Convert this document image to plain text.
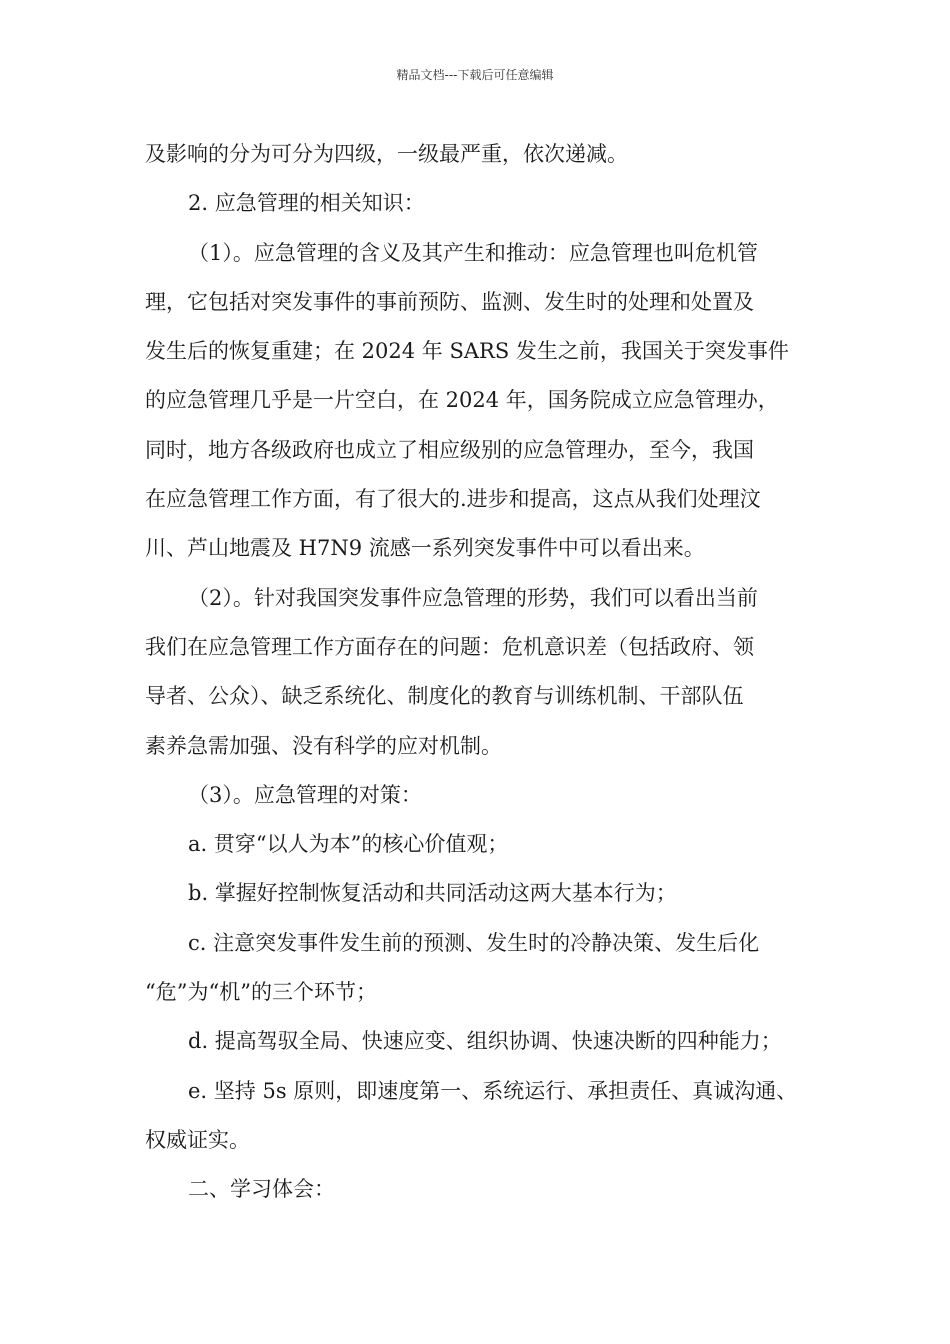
精品文档---下载后可任意编辑

及影响的分为可分为四级，一级最严重，依次递减。

2. 应急管理的相关知识：

（1）。应急管理的含义及其产生和推动：应急管理也叫危机管

理，它包括对突发事件的事前预防、监测、发生时的处理和处置及

发生后的恢复重建；在 2024 年 SARS 发生之前，我国关于突发事件

的应急管理几乎是一片空白，在 2024 年，国务院成立应急管理办，

同时，地方各级政府也成立了相应级别的应急管理办，至今，我国

在应急管理工作方面，有了很大的.进步和提高，这点从我们处理汶

川、芦山地震及 H7N9 流感一系列突发事件中可以看出来。

（2）。针对我国突发事件应急管理的形势，我们可以看出当前

我们在应急管理工作方面存在的问题：危机意识差（包括政府、领

导者、公众）、缺乏系统化、制度化的教育与训练机制、干部队伍

素养急需加强、没有科学的应对机制。

（3）。应急管理的对策：

a. 贯穿“以人为本”的核心价值观；

b. 掌握好控制恢复活动和共同活动这两大基本行为；

c. 注意突发事件发生前的预测、发生时的冷静决策、发生后化

“危”为“机”的三个环节；

d. 提高驾驭全局、快速应变、组织协调、快速决断的四种能力；

e. 坚持 5s 原则，即速度第一、系统运行、承担责任、真诚沟通、

权威证实。

二、学习体会：
